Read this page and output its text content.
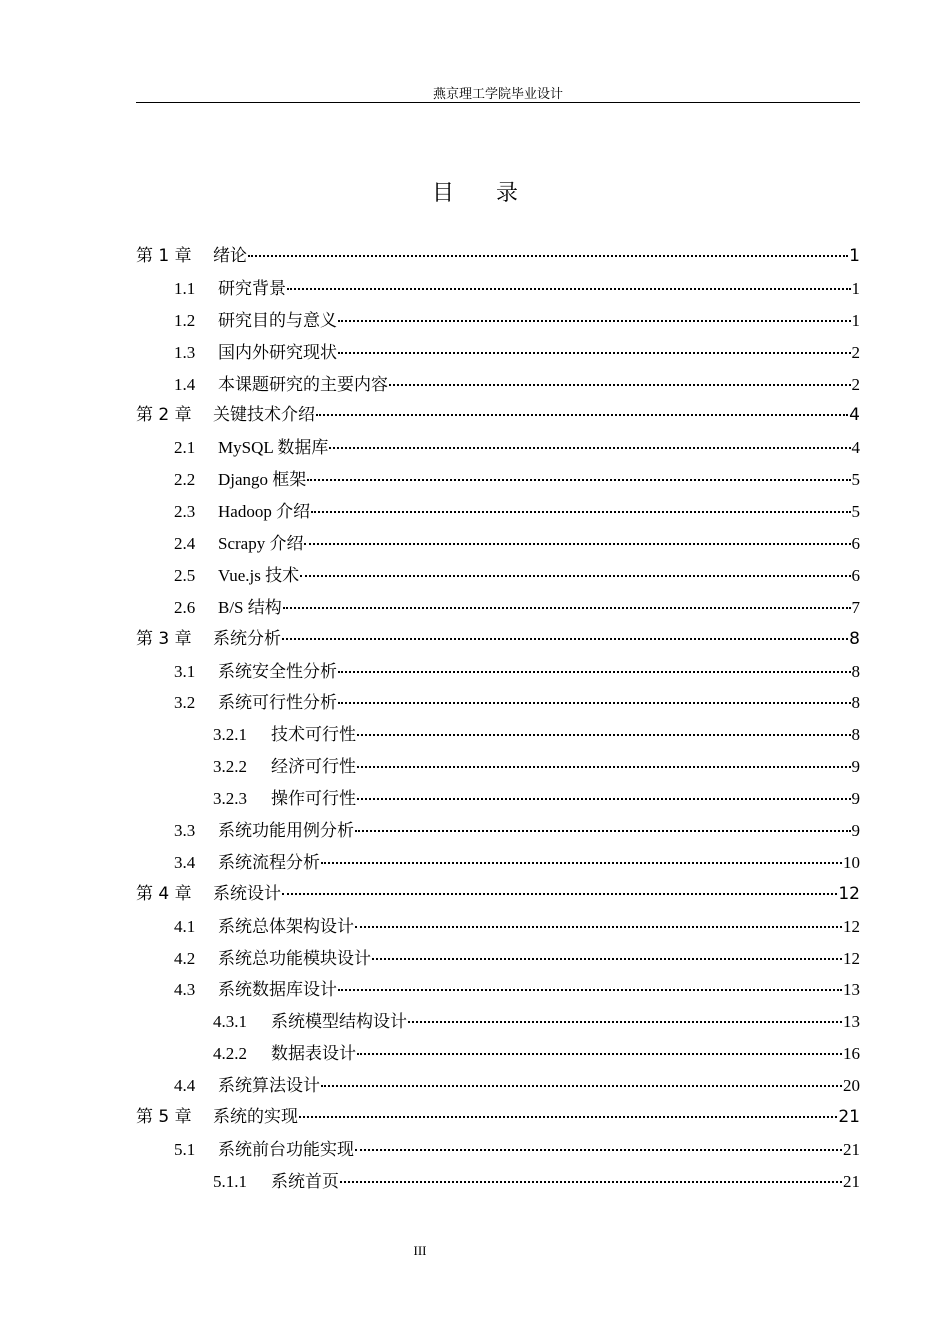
燕京理工学院毕业设计
目 录
第 1 章	绪论	1
1.1	研究背景	1
1.2	研究目的与意义	1
1.3	国内外研究现状	2
1.4	本课题研究的主要内容	2
第 2 章	关键技术介绍	4
2.1	MySQL 数据库	4
2.2	Django 框架	5
2.3	Hadoop 介绍	5
2.4	Scrapy 介绍	6
2.5	Vue.js 技术	6
2.6	B/S 结构	7
第 3 章	系统分析	8
3.1	系统安全性分析	8
3.2	系统可行性分析	8
3.2.1	技术可行性	8
3.2.2	经济可行性	9
3.2.3	操作可行性	9
3.3	系统功能用例分析	9
3.4	系统流程分析	10
第 4 章	系统设计	12
4.1	系统总体架构设计	12
4.2	系统总功能模块设计	12
4.3	系统数据库设计	13
4.3.1	系统模型结构设计	13
4.2.2	数据表设计	16
4.4	系统算法设计	20
第 5 章	系统的实现	21
5.1	系统前台功能实现	21
5.1.1	系统首页	21
III
